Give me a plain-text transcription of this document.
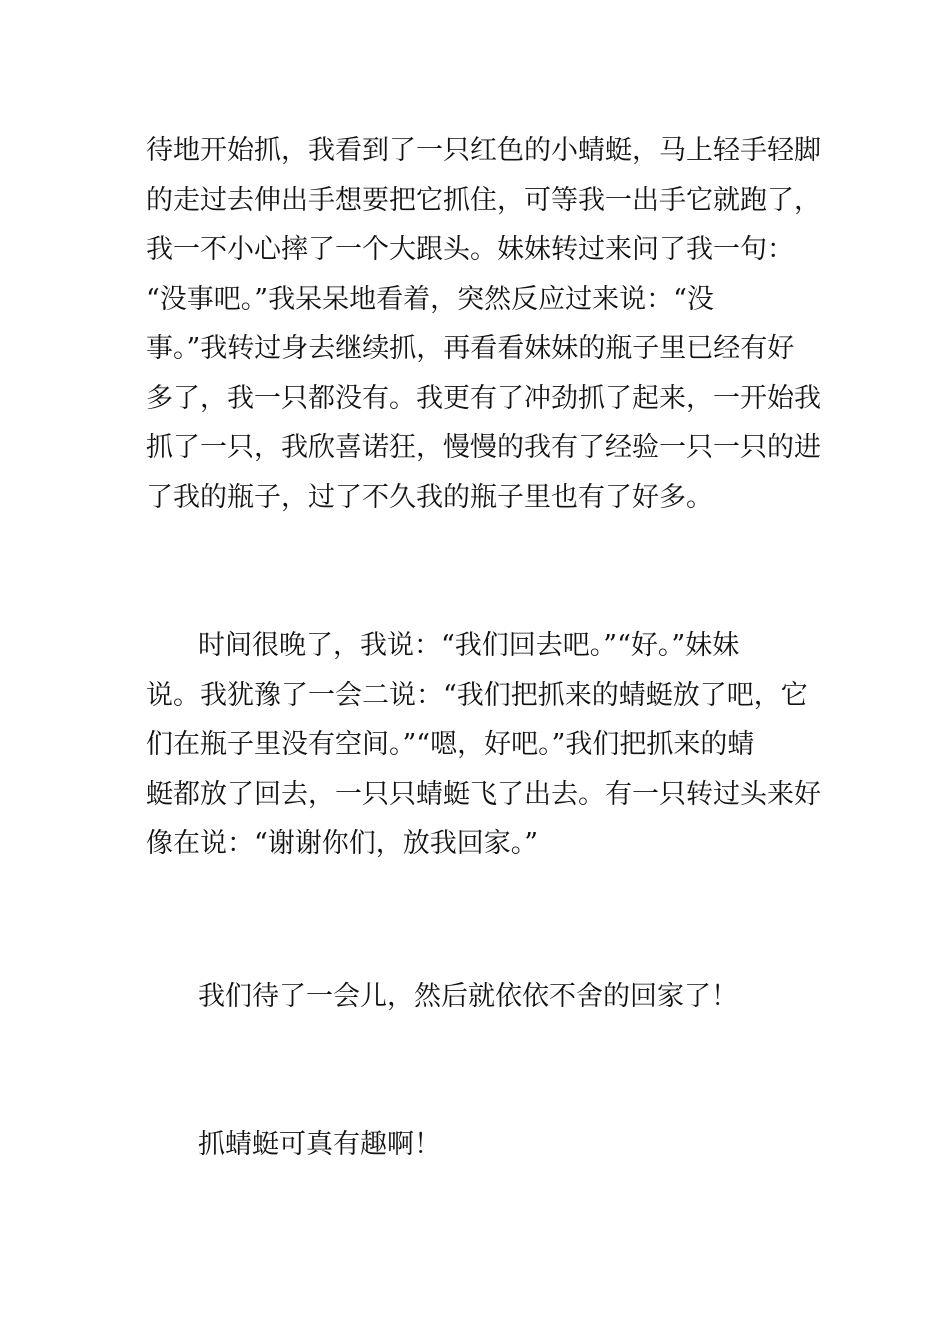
待地开始抓，我看到了一只红色的小蜻蜓，马上轻手轻脚
的走过去伸出手想要把它抓住，可等我一出手它就跑了，
我一不小心摔了一个大跟头。妹妹转过来问了我一句：
“没事吧。”我呆呆地看着，突然反应过来说：“没
事。”我转过身去继续抓，再看看妹妹的瓶子里已经有好
多了，我一只都没有。我更有了冲劲抓了起来，一开始我
抓了一只，我欣喜诺狂，慢慢的我有了经验一只一只的进
了我的瓶子，过了不久我的瓶子里也有了好多。
时间很晚了，我说：“我们回去吧。”“好。”妹妹
说。我犹豫了一会二说：“我们把抓来的蜻蜓放了吧，它
们在瓶子里没有空间。”“嗯，好吧。”我们把抓来的蜻
蜓都放了回去，一只只蜻蜓飞了出去。有一只转过头来好
像在说：“谢谢你们，放我回家。”
我们待了一会儿，然后就依依不舍的回家了！
抓蜻蜓可真有趣啊！
